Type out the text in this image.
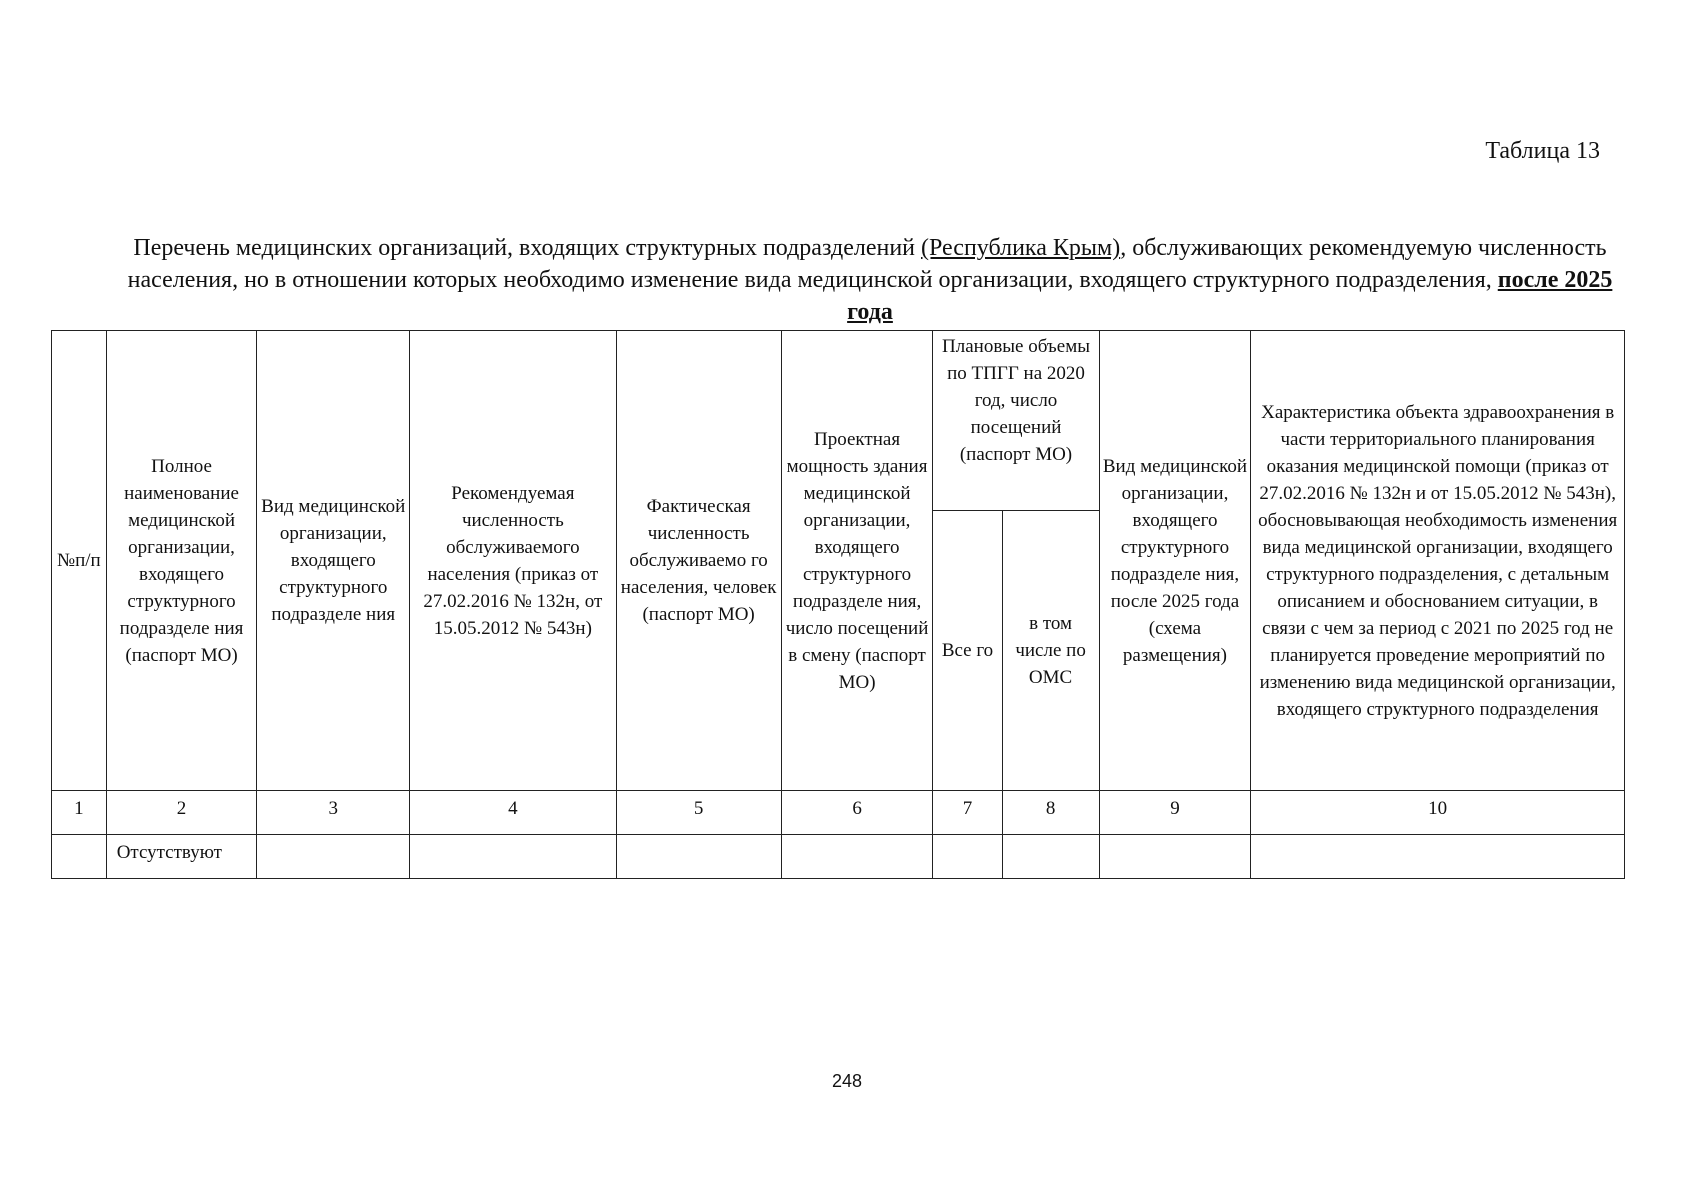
Таблица 13
Перечень медицинских организаций, входящих структурных подразделений (Республика Крым), обслуживающих рекомендуемую численность населения, но в отношении которых необходимо изменение вида медицинской организации, входящего структурного подразделения, после 2025 года
№п/п	Полное наименование медицинской организации, входящего структурного подразделе ния (паспорт МО)	Вид медицинской организации, входящего структурного подразделе ния	Рекомендуемая численность обслуживаемого населения (приказ от 27.02.2016 № 132н, от 15.05.2012 № 543н)	Фактическая численность обслуживаемо го населения, человек (паспорт МО)	Проектная мощность здания медицинской организации, входящего структурного подразделе ния, число посещений в смену (паспорт МО)	Плановые объемы по ТПГГ на 2020 год, число посещений (паспорт МО)		Вид медицинской организации, входящего структурного подразделе ния, после 2025 года (схема размещения)	Характеристика объекта здравоохранения в части территориального планирования оказания медицинской помощи (приказ от 27.02.2016 № 132н и от 15.05.2012 № 543н), обосновывающая необходимость изменения вида медицинской организации, входящего структурного подразделения, с детальным описанием и обоснованием ситуации, в связи с чем за период с 2021 по 2025 год не планируется проведение мероприятий по изменению вида медицинской организации, входящего структурного подразделения
						Все го	в том числе по ОМС		
1	2	3	4	5	6	7	8	9	10
	Отсутствуют								
248
